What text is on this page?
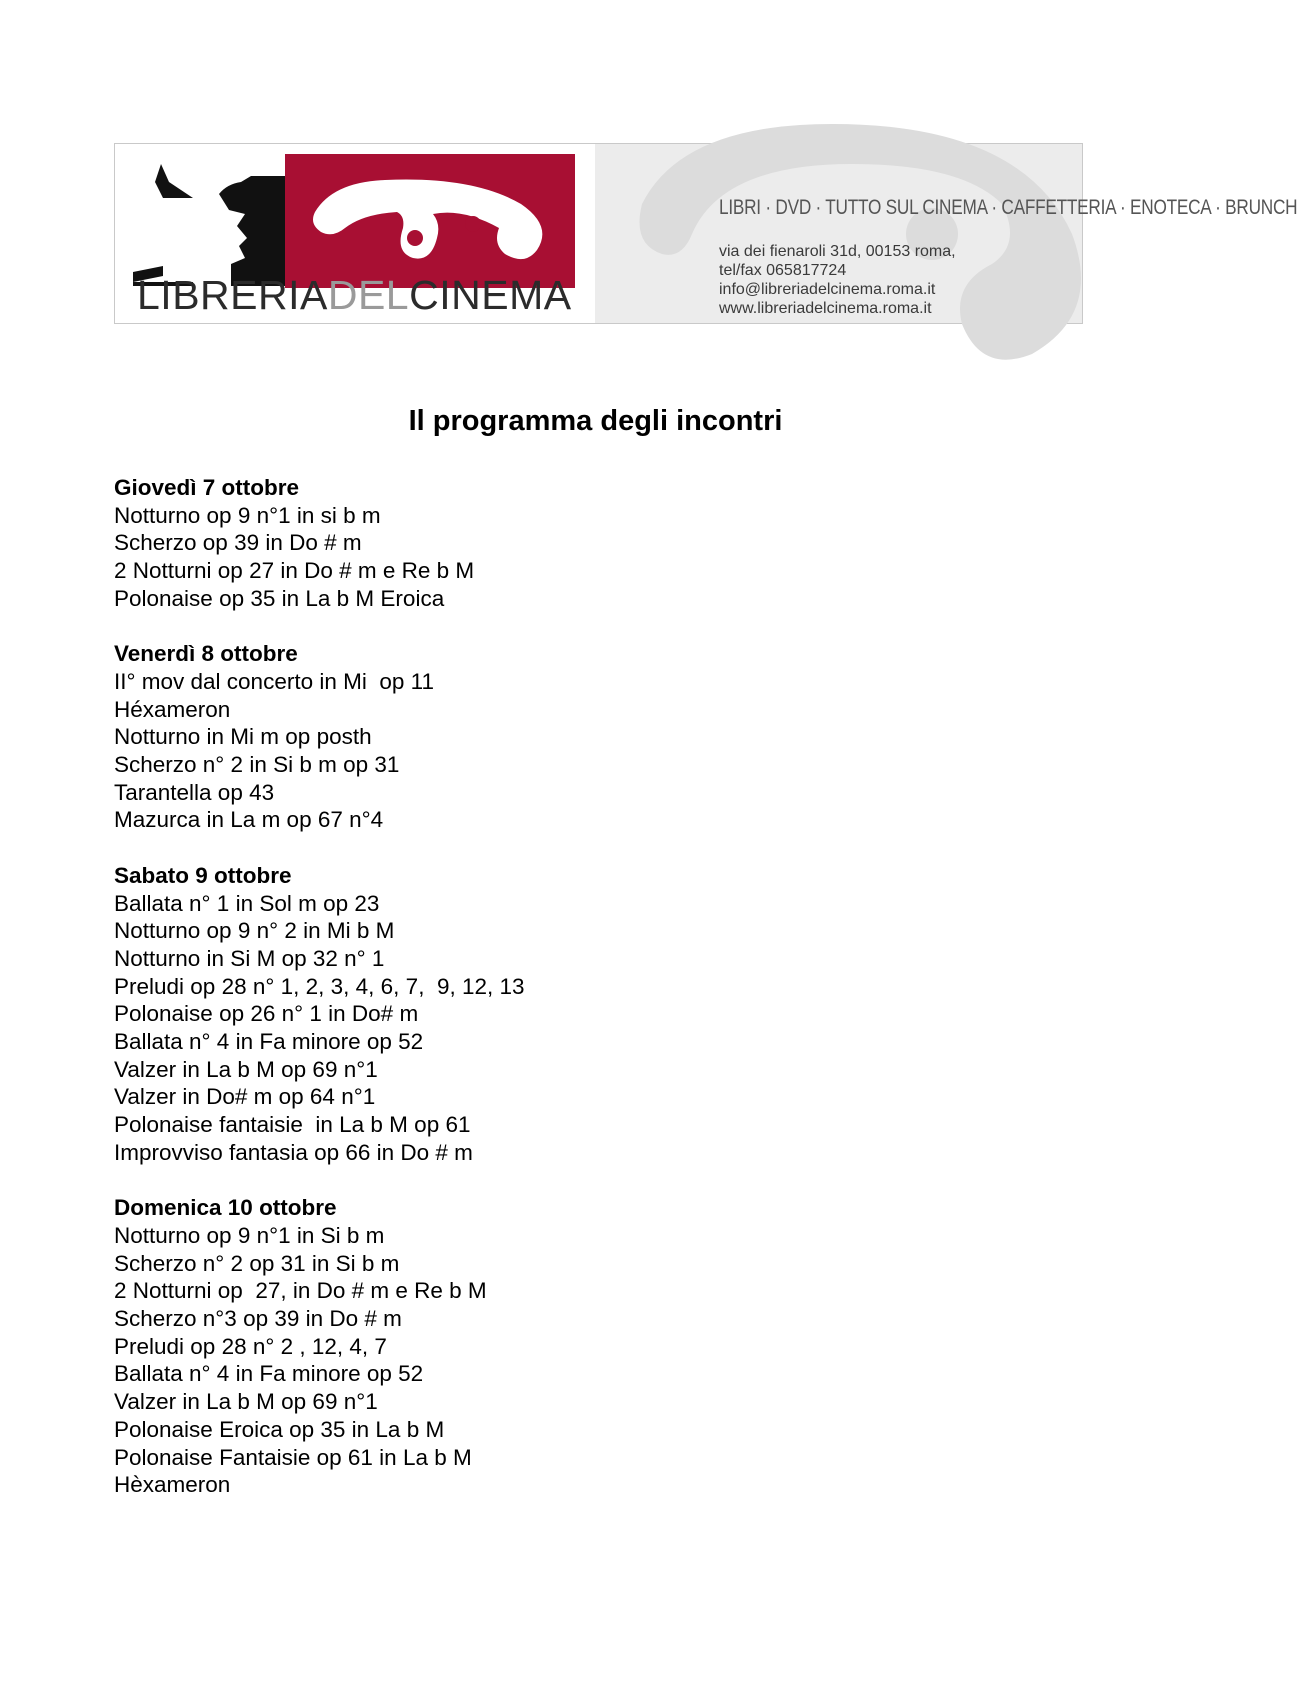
LIBRERIADELCINEMA
LIBRI · DVD · TUTTO SUL CINEMA · CAFFETTERIA · ENOTECA · BRUNCH
via dei fienaroli 31d, 00153 roma,
tel/fax 065817724
info@libreriadelcinema.roma.it
www.libreriadelcinema.roma.it
Il programma degli incontri
Giovedì 7 ottobre
Notturno op 9 n°1 in si b m
Scherzo op 39 in Do # m
2 Notturni op 27 in Do # m e Re b M
Polonaise op 35 in La b M Eroica
Venerdì 8 ottobre
II° mov dal concerto in Mi  op 11
Héxameron
Notturno in Mi m op posth
Scherzo n° 2 in Si b m op 31
Tarantella op 43
Mazurca in La m op 67 n°4
Sabato 9 ottobre
Ballata n° 1 in Sol m op 23
Notturno op 9 n° 2 in Mi b M
Notturno in Si M op 32 n° 1
Preludi op 28 n° 1, 2, 3, 4, 6, 7,  9, 12, 13
Polonaise op 26 n° 1 in Do# m
Ballata n° 4 in Fa minore op 52
Valzer in La b M op 69 n°1
Valzer in Do# m op 64 n°1
Polonaise fantaisie  in La b M op 61
Improvviso fantasia op 66 in Do # m
Domenica 10 ottobre
Notturno op 9 n°1 in Si b m
Scherzo n° 2 op 31 in Si b m
2 Notturni op  27, in Do # m e Re b M
Scherzo n°3 op 39 in Do # m
Preludi op 28 n° 2 , 12, 4, 7
Ballata n° 4 in Fa minore op 52
Valzer in La b M op 69 n°1
Polonaise Eroica op 35 in La b M
Polonaise Fantaisie op 61 in La b M
Hèxameron
